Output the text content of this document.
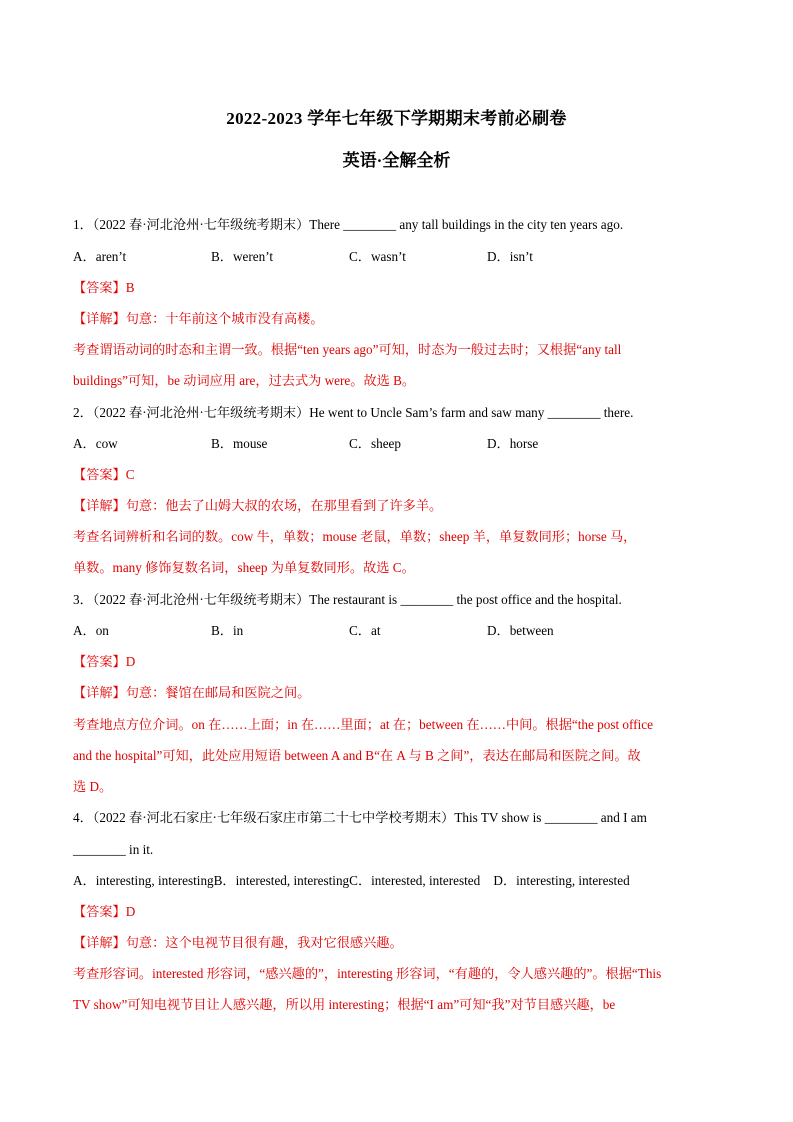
2022-2023 学年七年级下学期期末考前必刷卷
英语·全解全析
1．（2022 春·河北沧州·七年级统考期末）There ________ any tall buildings in the city ten years ago.
A．aren’t	B．weren’t	C．wasn’t	D．isn’t
【答案】B
【详解】句意：十年前这个城市没有高楼。
考查谓语动词的时态和主谓一致。根据“ten years ago”可知，时态为一般过去时；又根据“any tall
buildings”可知，be 动词应用 are，过去式为 were。故选 B。
2．（2022 春·河北沧州·七年级统考期末）He went to Uncle Sam’s farm and saw many ________ there.
A．cow	B．mouse	C．sheep	D．horse
【答案】C
【详解】句意：他去了山姆大叔的农场，在那里看到了许多羊。
考查名词辨析和名词的数。cow 牛，单数；mouse 老鼠，单数；sheep 羊，单复数同形；horse 马，
单数。many 修饰复数名词，sheep 为单复数同形。故选 C。
3．（2022 春·河北沧州·七年级统考期末）The restaurant is ________ the post office and the hospital.
A．on	B．in	C．at	D．between
【答案】D
【详解】句意：餐馆在邮局和医院之间。
考查地点方位介词。on 在……上面；in 在……里面；at 在；between 在……中间。根据“the post office
and the hospital”可知，此处应用短语 between A and B“在 A 与 B 之间”，表达在邮局和医院之间。故
选 D。
4．（2022 春·河北石家庄·七年级石家庄市第二十七中学校考期末）This TV show is ________ and I am
________ in it.
A．interesting, interestingB．interested, interestingC．interested, interested　D．interesting, interested
【答案】D
【详解】句意：这个电视节目很有趣，我对它很感兴趣。
考查形容词。interested 形容词，“感兴趣的”，interesting 形容词，“有趣的，令人感兴趣的”。根据“This
TV show”可知电视节目让人感兴趣，所以用 interesting；根据“I am”可知“我”对节目感兴趣，be
